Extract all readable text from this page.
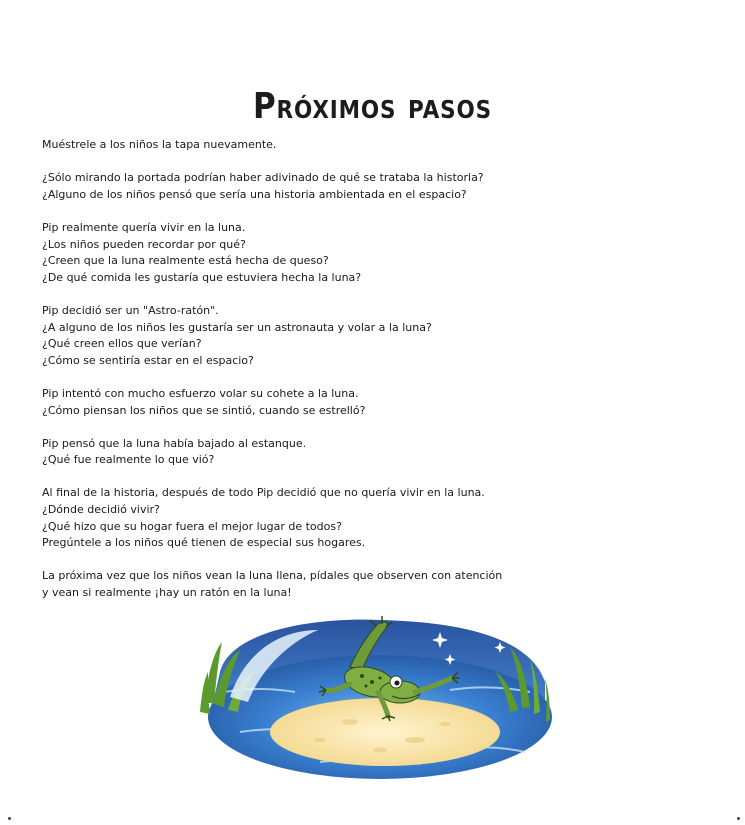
Próximos pasos

Muéstrele a los niños la tapa nuevamente.

¿Sólo mirando la portada podrían haber adivinado de qué se trataba la historia?
¿Alguno de los niños pensó que sería una historia ambientada en el espacio?

Pip realmente quería vivir en la luna.
¿Los niños pueden recordar por qué?
¿Creen que la luna realmente está hecha de queso?
¿De qué comida les gustaría que estuviera hecha la luna?

Pip decidió ser un "Astro-ratón".
¿A alguno de los niños les gustaría ser un astronauta y volar a la luna?
¿Qué creen ellos que verían?
¿Cómo se sentiría estar en el espacio?

Pip intentó con mucho esfuerzo volar su cohete a la luna.
¿Cómo piensan los niños que se sintió, cuando se estrelló?

Pip pensó que la luna había bajado al estanque.
¿Qué fue realmente lo que vió?

Al final de la historia, después de todo Pip decidió que no quería vivir en la luna.
¿Dónde decidió vivir?
¿Qué hizo que su hogar fuera el mejor lugar de todos?
Pregúntele a los niños qué tienen de especial sus hogares.

La próxima vez que los niños vean la luna llena, pídales que observen con atención
y vean si realmente ¡hay un ratón en la luna!
